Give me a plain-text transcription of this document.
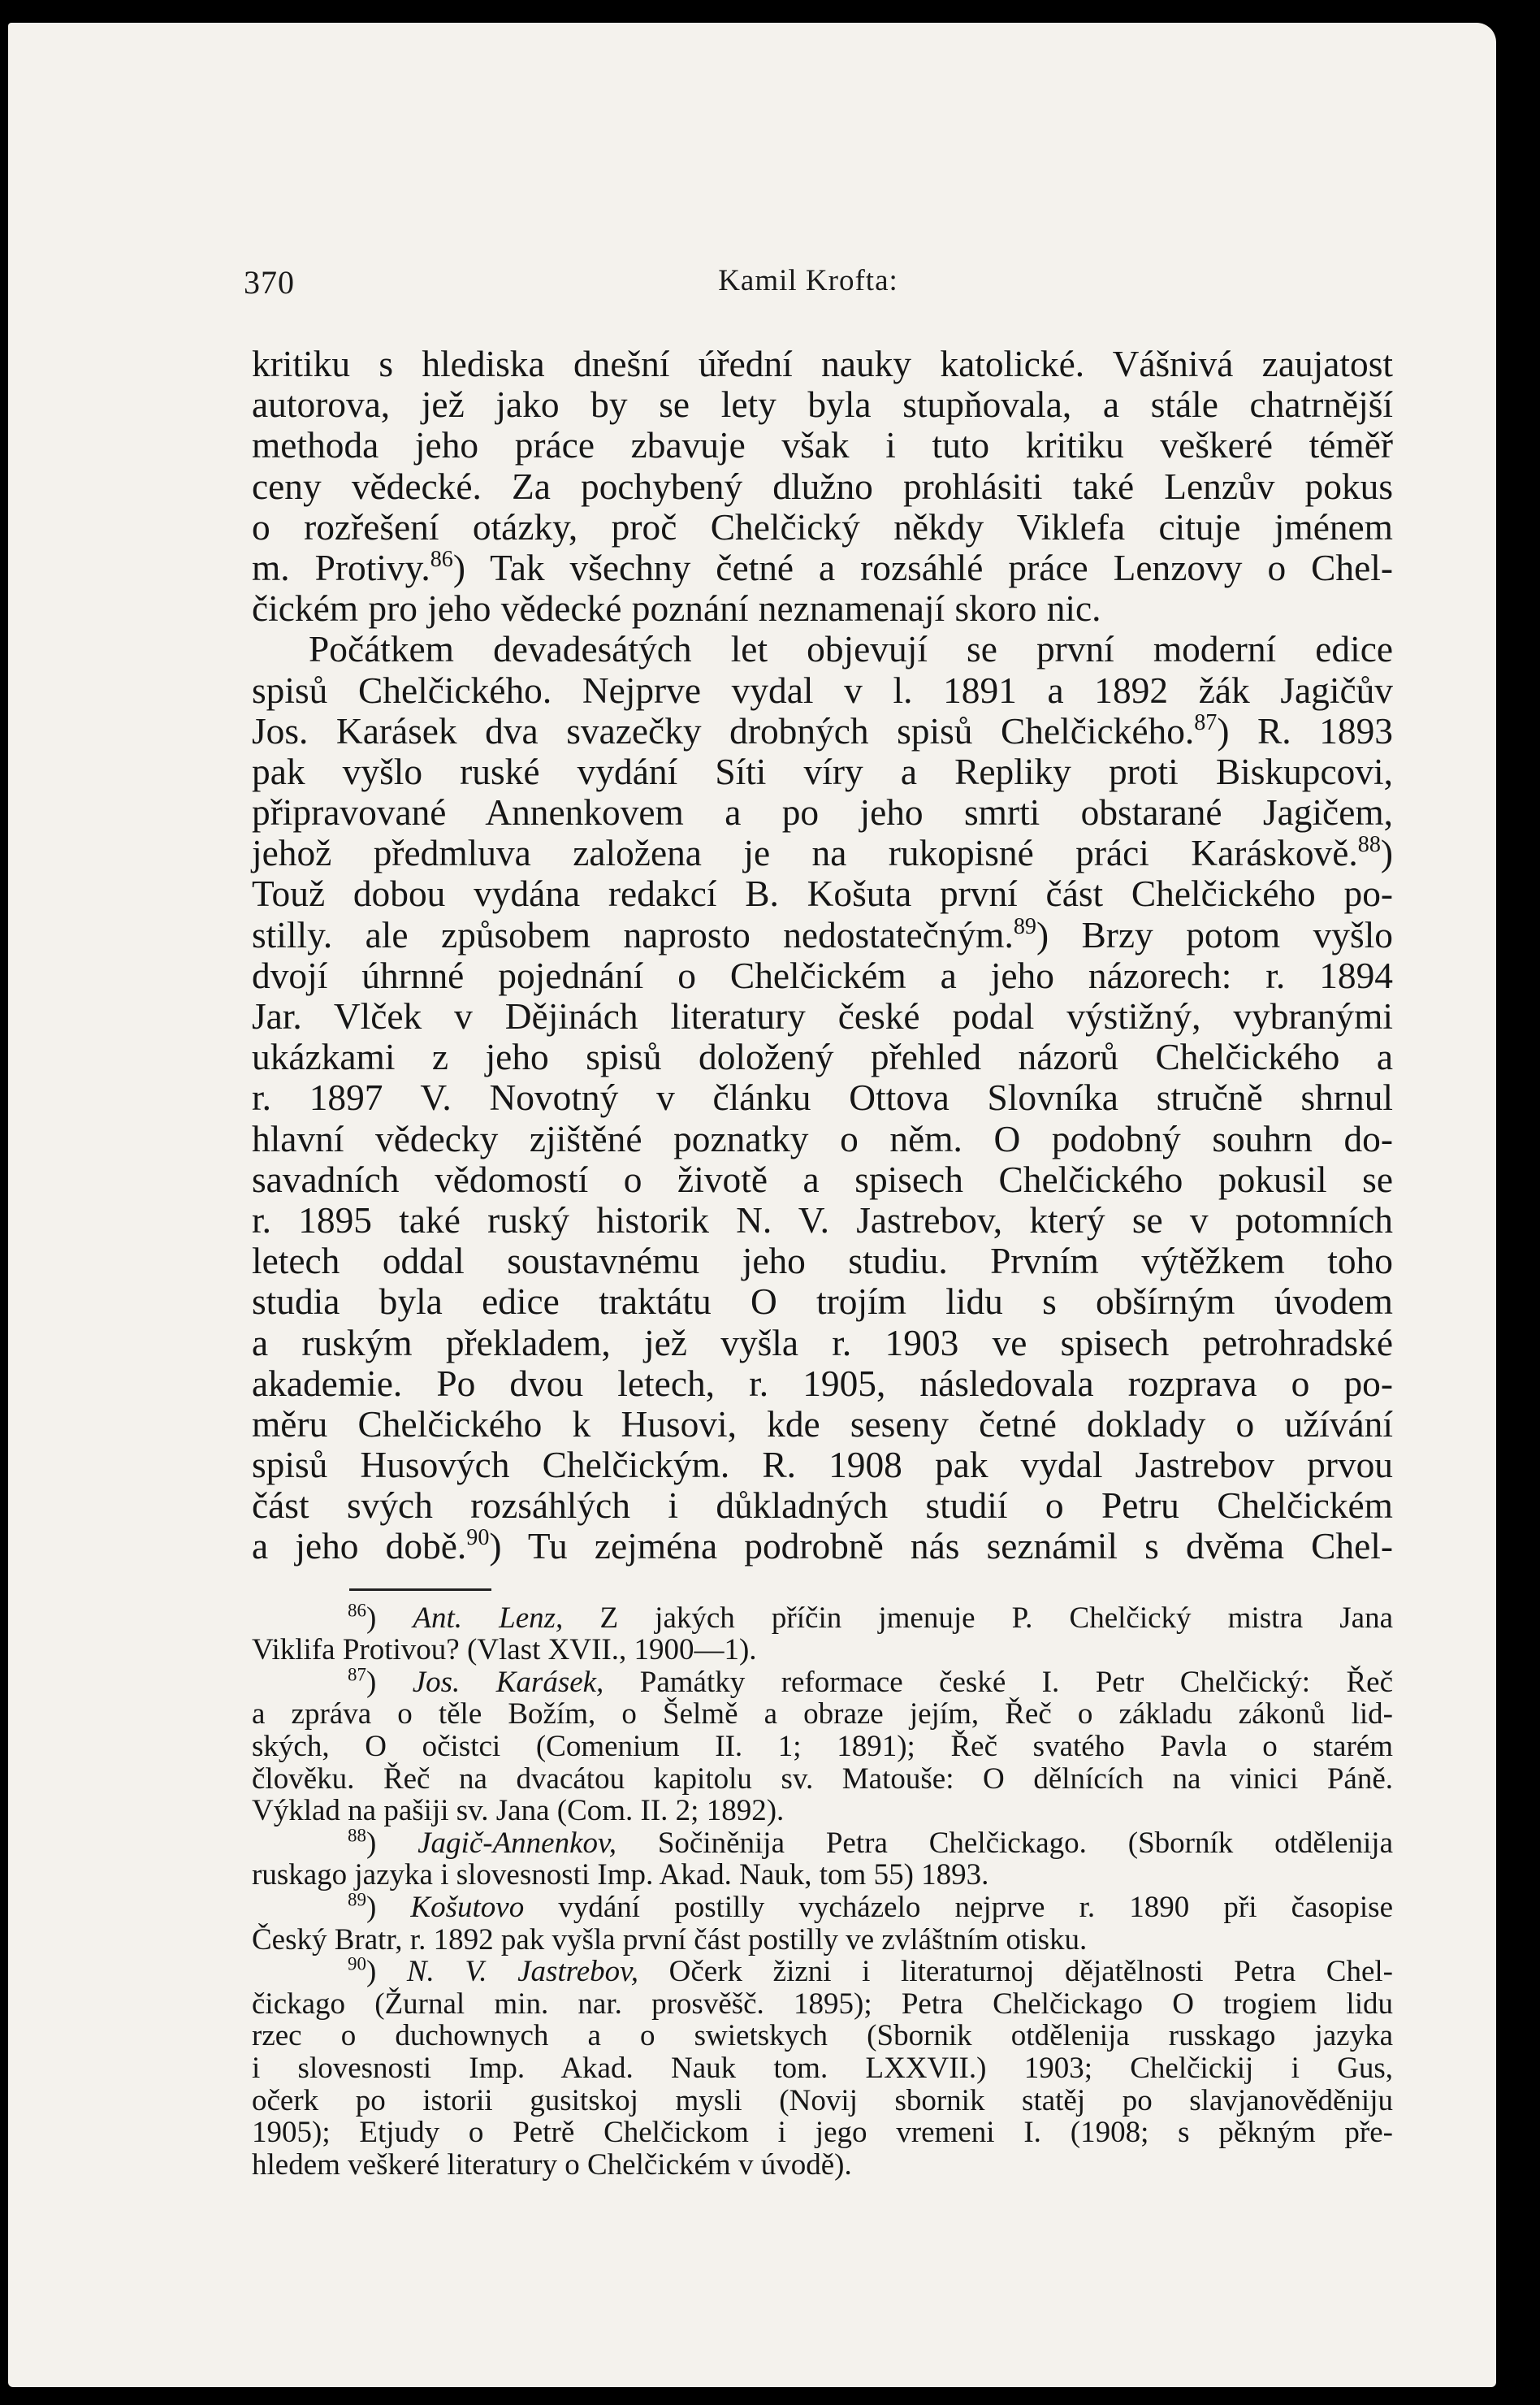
370	Kamil Krofta:
kritiku s hlediska dnešní úřední nauky katolické. Vášnivá zaujatost
autorova, jež jako by se lety byla stupňovala, a stále chatrnější
methoda jeho práce zbavuje však i tuto kritiku veškeré téměř
ceny vědecké. Za pochybený dlužno prohlásiti také Lenzův pokus
o rozřešení otázky, proč Chelčický někdy Viklefa cituje jménem
m. Protivy.$^{86}$) Tak všechny četné a rozsáhlé práce Lenzovy o Chel-
čickém pro jeho vědecké poznání neznamenají skoro nic.
Počátkem devadesátých let objevují se první moderní edice
spisů Chelčického. Nejprve vydal v l. 1891 a 1892 žák Jagičův
Jos. Karásek dva svazečky drobných spisů Chelčického.$^{87}$) R. 1893
pak vyšlo ruské vydání Síti víry a Repliky proti Biskupcovi,
připravované Annenkovem a po jeho smrti obstarané Jagičem,
jehož předmluva založena je na rukopisné práci Karáskově.$^{88}$)
Touž dobou vydána redakcí B. Košuta první část Chelčického po-
stilly. ale způsobem naprosto nedostatečným.$^{89}$) Brzy potom vyšlo
dvojí úhrnné pojednání o Chelčickém a jeho názorech: r. 1894
Jar. Vlček v Dějinách literatury české podal výstižný, vybranými
ukázkami z jeho spisů doložený přehled názorů Chelčického a
r. 1897 V. Novotný v článku Ottova Slovníka stručně shrnul
hlavní vědecky zjištěné poznatky o něm. O podobný souhrn do-
savadních vědomostí o životě a spisech Chelčického pokusil se
r. 1895 také ruský historik N. V. Jastrebov, který se v potomních
letech oddal soustavnému jeho studiu. Prvním výtěžkem toho
studia byla edice traktátu O trojím lidu s obšírným úvodem
a ruským překladem, jež vyšla r. 1903 ve spisech petrohradské
akademie. Po dvou letech, r. 1905, následovala rozprava o po-
měru Chelčického k Husovi, kde seseny četné doklady o užívání
spisů Husových Chelčickým. R. 1908 pak vydal Jastrebov prvou
část svých rozsáhlých i důkladných studií o Petru Chelčickém
a jeho době.$^{90}$) Tu zejména podrobně nás seznámil s dvěma Chel-
$^{86}$) Ant. Lenz, Z jakých příčin jmenuje P. Chelčický mistra Jana
Viklifa Protivou? (Vlast XVII., 1900—1).
$^{87}$) Jos. Karásek, Památky reformace české I. Petr Chelčický: Řeč
a zpráva o těle Božím, o Šelmě a obraze jejím, Řeč o základu zákonů lid-
ských, O očistci (Comenium II. 1; 1891); Řeč svatého Pavla o starém
člověku. Řeč na dvacátou kapitolu sv. Matouše: O dělnících na vinici Páně.
Výklad na pašiji sv. Jana (Com. II. 2; 1892).
$^{88}$) Jagič-Annenkov, Sočiněnija Petra Chelčickago. (Sborník otdělenija
ruskago jazyka i slovesnosti Imp. Akad. Nauk, tom 55) 1893.
$^{89}$) Košutovo vydání postilly vycházelo nejprve r. 1890 při časopise
Český Bratr, r. 1892 pak vyšla první část postilly ve zvláštním otisku.
$^{90}$) N. V. Jastrebov, Očerk žizni i literaturnoj dějatělnosti Petra Chel-
čickago (Žurnal min. nar. prosvěšč. 1895); Petra Chelčickago O trogiem lidu
rzec o duchownych a o swietskych (Sbornik otdělenija russkago jazyka
i slovesnosti Imp. Akad. Nauk tom. LXXVII.) 1903; Chelčickij i Gus,
očerk po istorii gusitskoj mysli (Novij sbornik statěj po slavjanověděniju
1905); Etjudy o Petrě Chelčickom i jego vremeni I. (1908; s pěkným pře-
hledem veškeré literatury o Chelčickém v úvodě).
